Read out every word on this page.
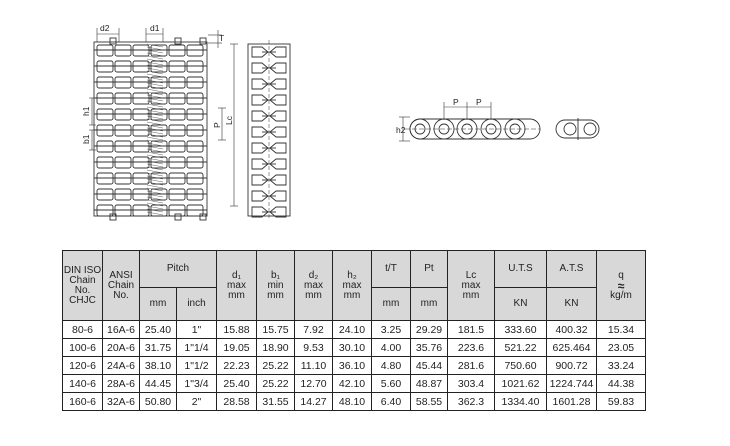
d2	d1
T
h1
b1
P
Lc
h2
P P
DIN ISO
Chain
No.
CHJC	ANSI
Chain
No.	Pitch		d₁
max
mm	b₁
min
mm	d₂
max
mm	h₂
max
mm	t/T	Pt	Lc
max
mm	U.T.S	A.T.S	q
≈
kg/m

		mm	inch					mm	mm		KN	KN	
80-6	16A-6	25.40	1"	15.88	15.75	7.92	24.10	3.25	29.29	181.5	333.60	400.32	15.34
100-6	20A-6	31.75	1"1/4	19.05	18.90	9.53	30.10	4.00	35.76	223.6	521.22	625.464	23.05
120-6	24A-6	38.10	1"1/2	22.23	25.22	11.10	36.10	4.80	45.44	281.6	750.60	900.72	33.24
140-6	28A-6	44.45	1"3/4	25.40	25.22	12.70	42.10	5.60	48.87	303.4	1021.62	1224.744	44.38
160-6	32A-6	50.80	2"	28.58	31.55	14.27	48.10	6.40	58.55	362.3	1334.40	1601.28	59.83
